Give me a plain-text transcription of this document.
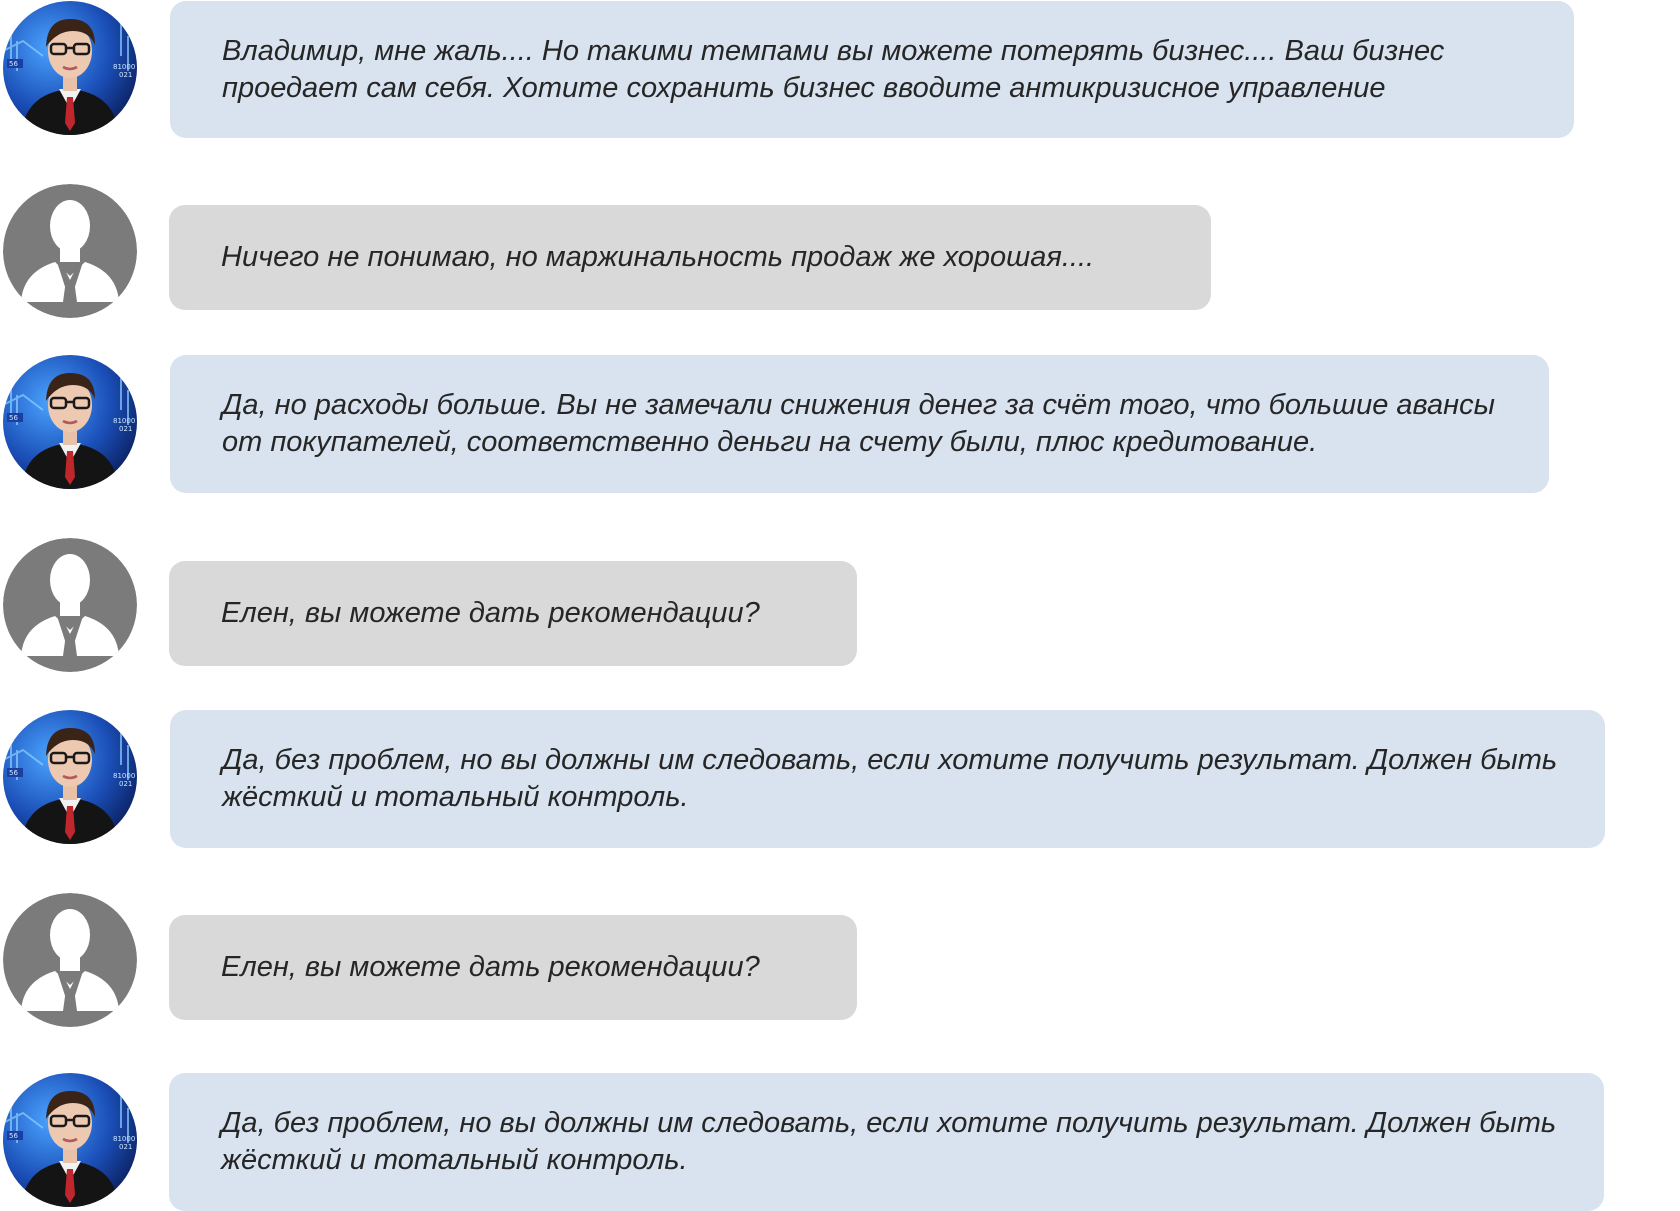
56	81000
021
Владимир, мне жаль.... Но такими темпами вы можете потерять бизнес.... Ваш бизнес проедает сам себя. Хотите сохранить бизнес вводите антикризисное управление
Ничего не понимаю, но маржинальность продаж же хорошая....
56	81000
021
Да, но расходы больше. Вы не замечали снижения денег за счёт того, что большие авансы от покупателей, соответственно деньги на счету были, плюс кредитование.
Елен, вы можете дать рекомендации?
56	81000
021
Да, без проблем, но вы должны им следовать, если хотите получить результат. Должен быть жёсткий и тотальный контроль.
Елен, вы можете дать рекомендации?
56	81000
021
Да, без проблем, но вы должны им следовать, если хотите получить результат. Должен быть жёсткий и тотальный контроль.
